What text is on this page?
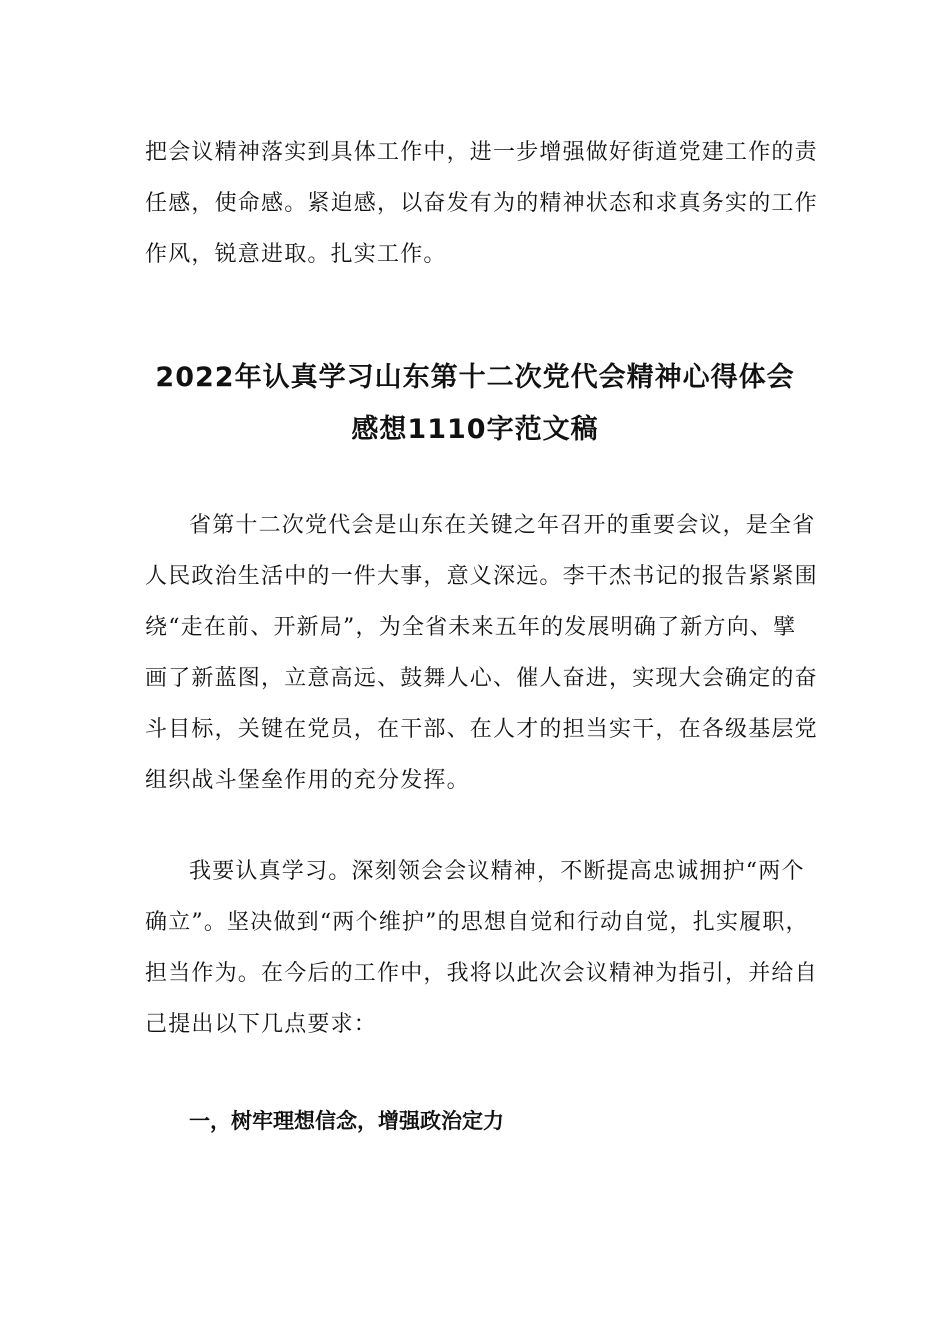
把会议精神落实到具体工作中，进一步增强做好街道党建工作的责
任感，使命感。紧迫感，以奋发有为的精神状态和求真务实的工作
作风，锐意进取。扎实工作。
2022年认真学习山东第十二次党代会精神心得体会
感想1110字范文稿
省第十二次党代会是山东在关键之年召开的重要会议，是全省
人民政治生活中的一件大事，意义深远。李干杰书记的报告紧紧围
绕“走在前、开新局”，为全省未来五年的发展明确了新方向、擘
画了新蓝图，立意高远、鼓舞人心、催人奋进，实现大会确定的奋
斗目标，关键在党员，在干部、在人才的担当实干，在各级基层党
组织战斗堡垒作用的充分发挥。
我要认真学习。深刻领会会议精神，不断提高忠诚拥护“两个
确立”。坚决做到“两个维护”的思想自觉和行动自觉，扎实履职，
担当作为。在今后的工作中，我将以此次会议精神为指引，并给自
己提出以下几点要求：
一，树牢理想信念，增强政治定力
